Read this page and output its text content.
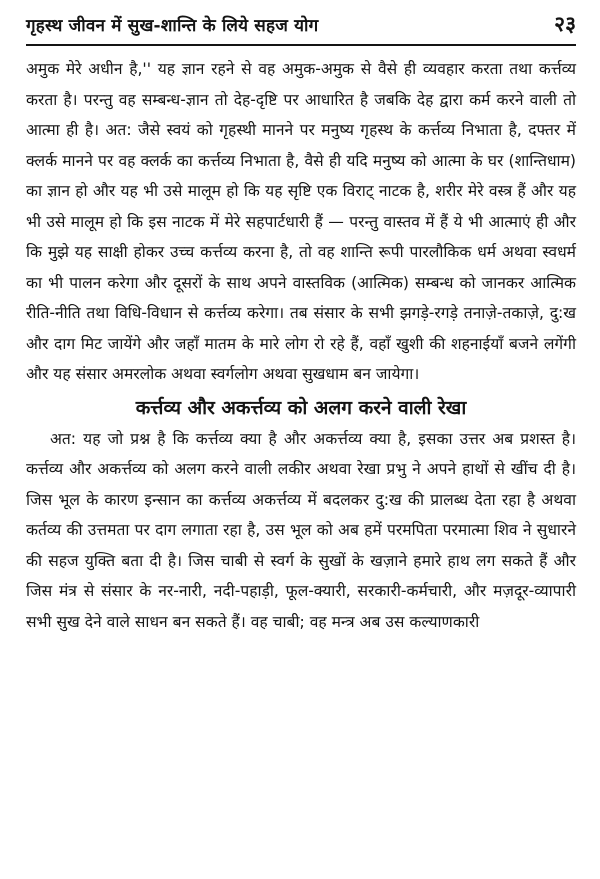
गृहस्थ जीवन में सुख-शान्ति के लिये सहज योग	२३

अमुक मेरे अधीन है,'' यह ज्ञान रहने से वह अमुक-अमुक से वैसे ही व्यवहार करता तथा कर्त्तव्य करता है। परन्तु वह सम्बन्ध-ज्ञान तो देह-दृष्टि पर आधारित है जबकि देह द्वारा कर्म करने वाली तो आत्मा ही है। अत: जैसे स्वयं को गृहस्थी मानने पर मनुष्य गृहस्थ के कर्त्तव्य निभाता है, दफ्तर में क्लर्क मानने पर वह क्लर्क का कर्त्तव्य निभाता है, वैसे ही यदि मनुष्य को आत्मा के घर (शान्तिधाम) का ज्ञान हो और यह भी उसे मालूम हो कि यह सृष्टि एक विराट् नाटक है, शरीर मेरे वस्त्र हैं और यह भी उसे मालूम हो कि इस नाटक में मेरे सहपार्टधारी हैं — परन्तु वास्तव में हैं ये भी आत्माएं ही और कि मुझे यह साक्षी होकर उच्च कर्त्तव्य करना है, तो वह शान्ति रूपी पारलौकिक धर्म अथवा स्वधर्म का भी पालन करेगा और दूसरों के साथ अपने वास्तविक (आत्मिक) सम्बन्ध को जानकर आत्मिक रीति-नीति तथा विधि-विधान से कर्त्तव्य करेगा। तब संसार के सभी झगड़े-रगड़े तनाज़े-तकाज़े, दु:ख और दाग मिट जायेंगे और जहाँ मातम के मारे लोग रो रहे हैं, वहाँ खुशी की शहनाईयाँ बजने लगेंगी और यह संसार अमरलोक अथवा स्वर्गलोग अथवा सुखधाम बन जायेगा।

कर्त्तव्य और अकर्त्तव्य को अलग करने वाली रेखा

अत: यह जो प्रश्न है कि कर्त्तव्य क्या है और अकर्त्तव्य क्या है, इसका उत्तर अब प्रशस्त है। कर्त्तव्य और अकर्त्तव्य को अलग करने वाली लकीर अथवा रेखा प्रभु ने अपने हाथों से खींच दी है। जिस भूल के कारण इन्सान का कर्त्तव्य अकर्त्तव्य में बदलकर दु:ख की प्रालब्ध देता रहा है अथवा कर्तव्य की उत्तमता पर दाग लगाता रहा है, उस भूल को अब हमें परमपिता परमात्मा शिव ने सुधारने की सहज युक्ति बता दी है। जिस चाबी से स्वर्ग के सुखों के खज़ाने हमारे हाथ लग सकते हैं और जिस मंत्र से संसार के नर-नारी, नदी-पहाड़ी, फूल-क्यारी, सरकारी-कर्मचारी, और मज़दूर-व्यापारी सभी सुख देने वाले साधन बन सकते हैं। वह चाबी; वह मन्त्र अब उस कल्याणकारी
